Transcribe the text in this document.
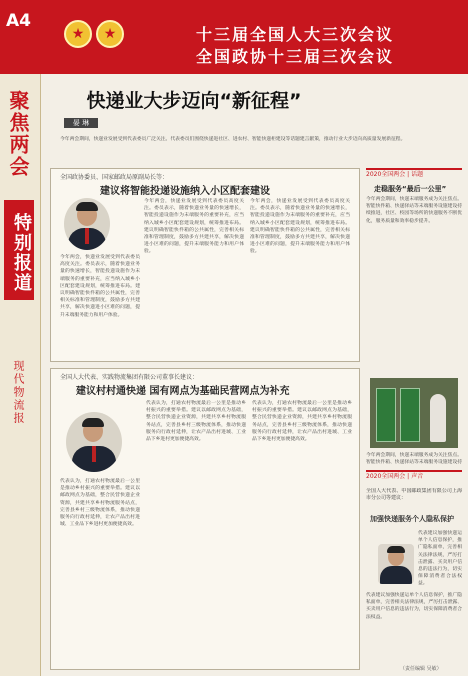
A4
★	★	十三届全国人大三次会议
全国政协十三届三次会议
聚焦两会
特别报道
现代物流报
快递业大步迈向“新征程”
晏 琳
今年两会期间，快递业发展受到代表委员广泛关注。代表委员们围绕快递进社区、进农村、智能快递柜建设等话题建言献策，推动行业大步迈向高质量发展新征程。
全国政协委员、国家邮政局原副局长等：
建议将智能投递设施纳入小区配套建设
今年两会，快递业发展受到代表委员高度关注。委员表示，随着快递业务量的快速增长，智能投递设施作为末端服务的重要补充，应当纳入城乡小区配套建设规划，统筹推进布局。建议明确智能快件箱的公共属性，完善相关标准和管理制度，鼓励多方共建共享，解决快递进小区难的问题，提升末端服务能力和用户体验。
今年两会，快递业发展受到代表委员高度关注。委员表示，随着快递业务量的快速增长，智能投递设施作为末端服务的重要补充，应当纳入城乡小区配套建设规划，统筹推进布局。建议明确智能快件箱的公共属性，完善相关标准和管理制度，鼓励多方共建共享，解决快递进小区难的问题，提升末端服务能力和用户体验。
今年两会，快递业发展受到代表委员高度关注。委员表示，随着快递业务量的快速增长，智能投递设施作为末端服务的重要补充，应当纳入城乡小区配套建设规划，统筹推进布局。建议明确智能快件箱的公共属性，完善相关标准和管理制度，鼓励多方共建共享，解决快递进小区难的问题，提升末端服务能力和用户体验。
全国人大代表、实践物流集团有限公司董事长建议：
建议村村通快递 国有网点为基础民营网点为补充
代表认为，打通农村物流最后一公里是推动乡村振兴的重要举措。建议以邮政网点为基础，整合民营快递企业资源，共建共享乡村物流服务站点，完善县乡村三级物流体系，推动快递服务向行政村延伸，让农产品出村进城、工业品下乡进村更加便捷高效。
代表认为，打通农村物流最后一公里是推动乡村振兴的重要举措。建议以邮政网点为基础，整合民营快递企业资源，共建共享乡村物流服务站点，完善县乡村三级物流体系，推动快递服务向行政村延伸，让农产品出村进城、工业品下乡进村更加便捷高效。
代表认为，打通农村物流最后一公里是推动乡村振兴的重要举措。建议以邮政网点为基础，整合民营快递企业资源，共建共享乡村物流服务站点，完善县乡村三级物流体系，推动快递服务向行政村延伸，让农产品出村进城、工业品下乡进村更加便捷高效。
2020全国两会 | 话题
走稳服务“最后一公里”
今年两会期间，快递末端服务成为关注焦点。智能快件箱、快递驿站等末端服务设施建设持续推进，社区、校园等场所的快递服务不断优化，服务质量和效率稳步提升。
今年两会期间，快递末端服务成为关注焦点。智能快件箱、快递驿站等末端服务设施建设持
2020全国两会 | 声音
全国人大代表、中国邮政集团有限公司上海市分公司等建议：
加强快递服务个人隐私保护
代表建议加强快递运单个人信息保护，推广隐私面单，完善相关法律法规，严厉打击泄露、买卖用户信息的违法行为，切实保障消费者合法权益。
代表建议加强快递运单个人信息保护，推广隐私面单，完善相关法律法规，严厉打击泄露、买卖用户信息的违法行为，切实保障消费者合法权益。
（责任编辑 吴敏）
